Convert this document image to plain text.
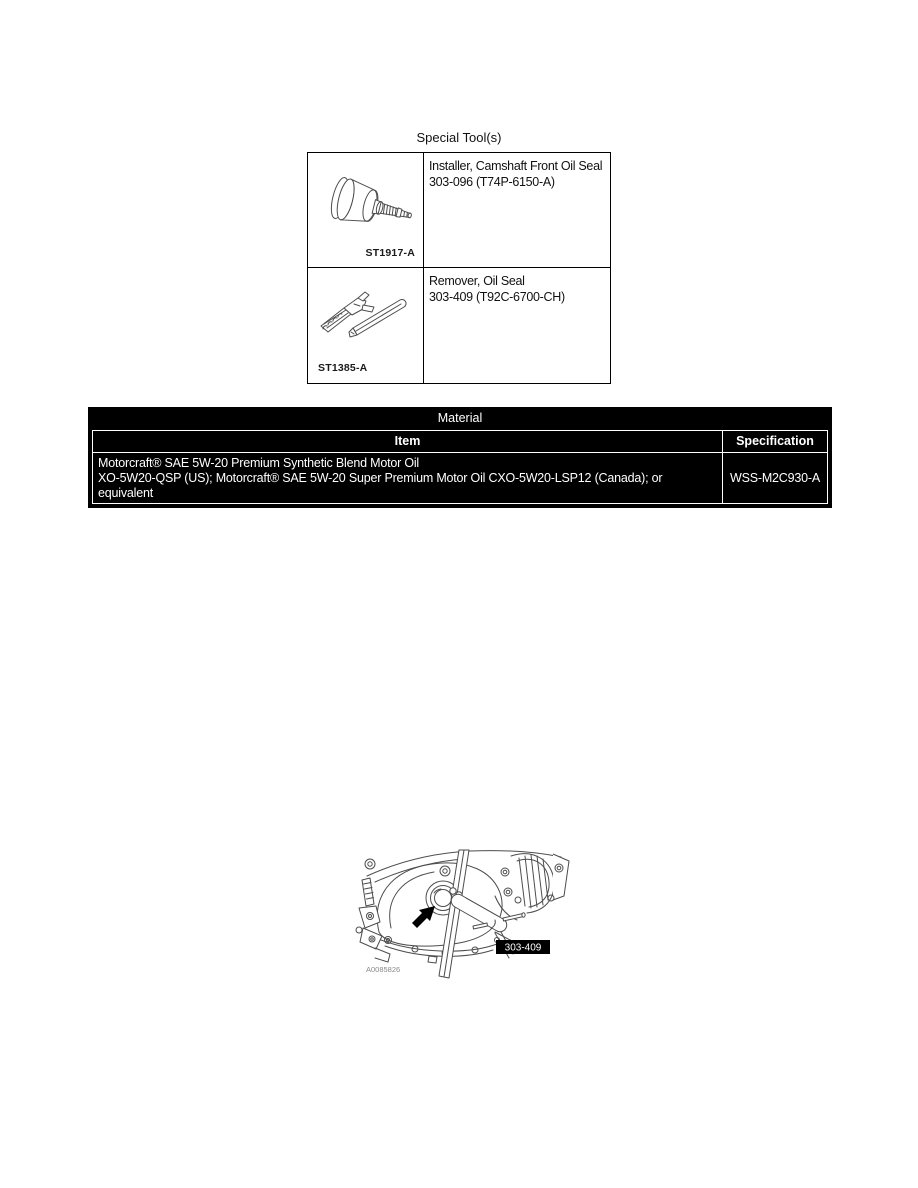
Special Tool(s)
ST1917-A
Installer, Camshaft Front Oil Seal
303-096 (T74P-6150-A)
ST1385-A
Remover, Oil Seal
303-409 (T92C-6700-CH)
Material
Item	Specification
Motorcraft® SAE 5W-20 Premium Synthetic Blend Motor Oil
XO-5W20-QSP (US); Motorcraft® SAE 5W-20 Super Premium Motor Oil CXO-5W20-LSP12 (Canada); or
equivalent
WSS-M2C930-A
303-409
A0085826
